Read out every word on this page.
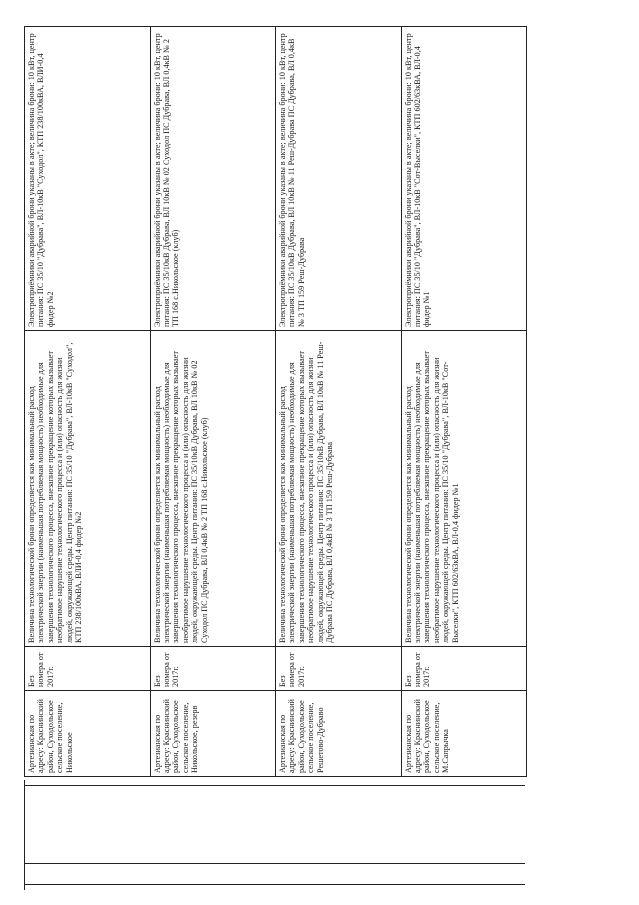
Артезианская по адресу: Краснинский район, Суходольское сельское поселение, Никольское	Без номера от 2017г.	Величина технологической брони определяется как минимальный расход электрической энергии (наименьшая потребляемая мощность) необходимые для завершения технологического процесса, внезапное прекращение которых вызывает необратимое нарушение технологического процесса и (или) опасность для жизни людей, окружающей среды. Центр питания: ПС 35/10 "Дубрава", ВЛ-10кВ "Суходол", КТП 238/100кВА, ВЛИ-0,4 фидер №2	Электроприёмники аварийной брони указаны в акте; величина брони: 10 кВт, центр питания: ПС 35/10 "Дубрава", ВЛ-10кВ "Суходол", КТП 238/100кВА, ВЛИ-0,4 фидер №2
Артезианская по адресу: Краснинский район, Суходольское сельское поселение, Никольское, резерв	Без номера от 2017г.	Величина технологической брони определяется как минимальный расход электрической энергии (наименьшая потребляемая мощность) необходимые для завершения технологического процесса, внезапное прекращение которых вызывает необратимое нарушение технологического процесса и (или) опасность для жизни людей, окружающей среды. Центр питания: ПС 35/10кВ Дубрава, ВЛ 10кВ № 02 Суходол ПС Дубрава, ВЛ 0,4кВ № 2 ТП 168 с.Никольское (клуб)	Электроприёмники аварийной брони указаны в акте; величина брони: 10 кВт, центр питания: ПС 35/10кВ Дубрава, ВЛ 10кВ № 02 Суходол ПС Дубрава, ВЛ 0,4кВ № 2 ТП 168 с.Никольское (клуб)
Артезианская по адресу: Краснинский район, Суходольское сельское поселение, Решетово-Дубраво	Без номера от 2017г.	Величина технологической брони определяется как минимальный расход электрической энергии (наименьшая потребляемая мощность) необходимые для завершения технологического процесса, внезапное прекращение которых вызывает необратимое нарушение технологического процесса и (или) опасность для жизни людей, окружающей среды. Центр питания: ПС 35/10кВ Дубрава, ВЛ 10кВ № 11 Реш-Дубрава ПС Дубрава, ВЛ 0,4кВ № 3 ТП 159 Реш-Дубрава	Электроприёмники аварийной брони указаны в акте; величина брони: 10 кВт, центр питания: ПС 35/10кВ Дубрава, ВЛ 10кВ № 11 Реш-Дубрава ПС Дубрава, ВЛ 0,4кВ № 3 ТП 159 Реш-Дубрава
Артезианская по адресу: Краснинский район, Суходольское сельское поселение, М.Сапрычка	Без номера от 2017г.	Величина технологической брони определяется как минимальный расход электрической энергии (наименьшая потребляемая мощность) необходимые для завершения технологического процесса, внезапное прекращение которых вызывает необратимое нарушение технологического процесса и (или) опасность для жизни людей, окружающей среды. Центр питания: ПС 35/10 "Дубрава", ВЛ-10кВ "Сот-Выселки", КТП 602/63кВА, ВЛ-0,4 фидер №1	Электроприёмники аварийной брони указаны в акте; величина брони: 10 кВт, центр питания: ПС 35/10 "Дубрава", ВЛ-10кВ "Сот-Выселки", КТП 602/63кВА, ВЛ-0,4 фидер №1
